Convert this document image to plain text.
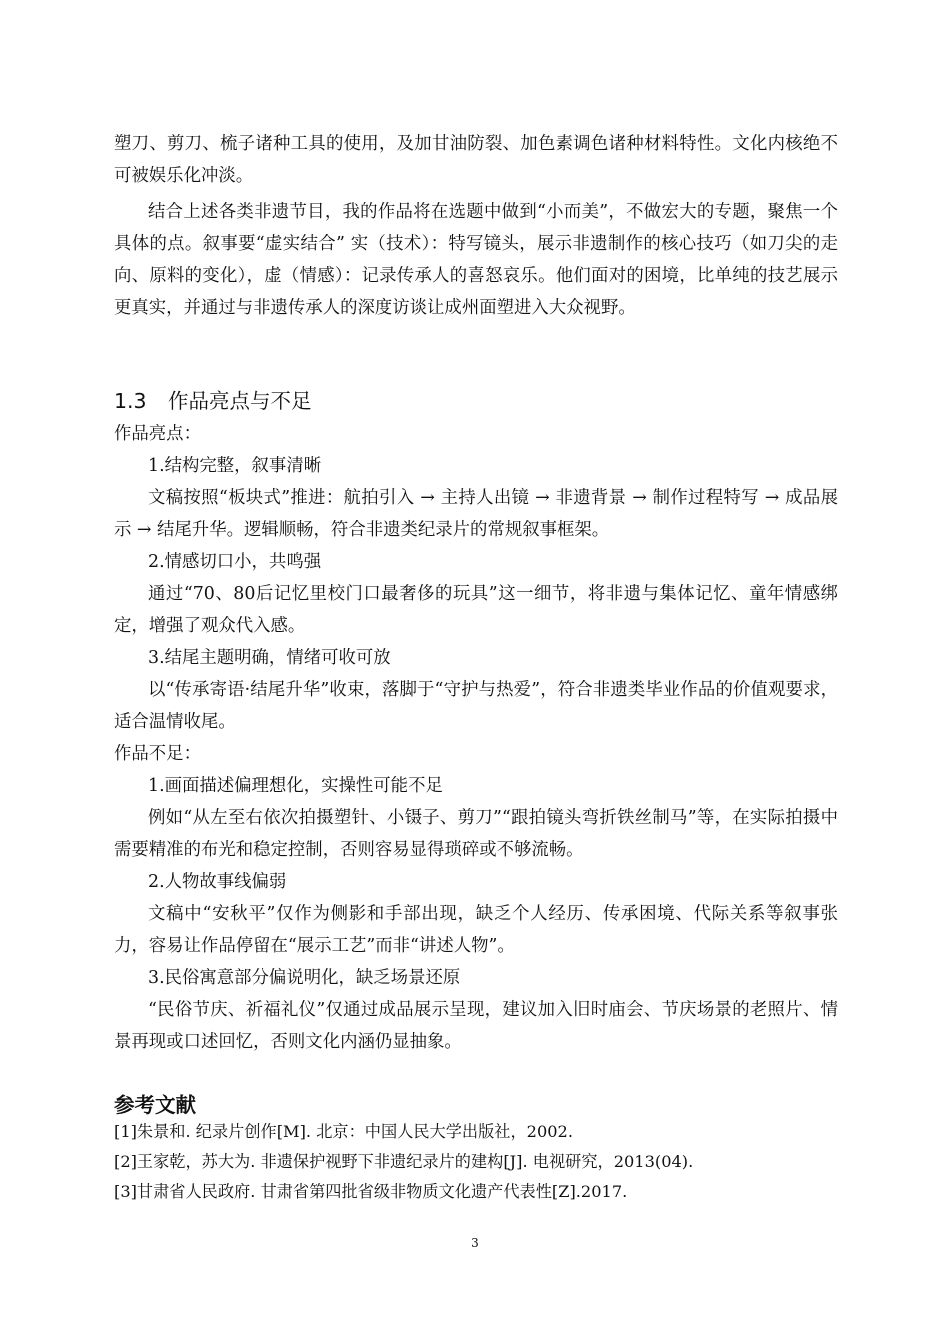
塑刀、剪刀、梳子诸种工具的使用，及加甘油防裂、加色素调色诸种材料特性。文化内核绝不可被娱乐化冲淡。

结合上述各类非遗节目，我的作品将在选题中做到“小而美”，不做宏大的专题，聚焦一个具体的点。叙事要“虚实结合” 实（技术）：特写镜头，展示非遗制作的核心技巧（如刀尖的走向、原料的变化），虚（情感）：记录传承人的喜怒哀乐。他们面对的困境，比单纯的技艺展示更真实，并通过与非遗传承人的深度访谈让成州面塑进入大众视野。

1.3 作品亮点与不足
作品亮点：
1.结构完整，叙事清晰

文稿按照“板块式”推进：航拍引入 → 主持人出镜 → 非遗背景 → 制作过程特写 → 成品展示 → 结尾升华。逻辑顺畅，符合非遗类纪录片的常规叙事框架。

2.情感切口小，共鸣强

通过“70、80后记忆里校门口最奢侈的玩具”这一细节，将非遗与集体记忆、童年情感绑定，增强了观众代入感。

3.结尾主题明确，情绪可收可放

以“传承寄语·结尾升华”收束，落脚于“守护与热爱”，符合非遗类毕业作品的价值观要求，适合温情收尾。

作品不足：
1.画面描述偏理想化，实操性可能不足

例如“从左至右依次拍摄塑针、小镊子、剪刀”“跟拍镜头弯折铁丝制马”等，在实际拍摄中需要精准的布光和稳定控制，否则容易显得琐碎或不够流畅。

2.人物故事线偏弱

文稿中“安秋平”仅作为侧影和手部出现，缺乏个人经历、传承困境、代际关系等叙事张力，容易让作品停留在“展示工艺”而非“讲述人物”。

3.民俗寓意部分偏说明化，缺乏场景还原

“民俗节庆、祈福礼仪”仅通过成品展示呈现，建议加入旧时庙会、节庆场景的老照片、情景再现或口述回忆，否则文化内涵仍显抽象。

参考文献
[1]朱景和. 纪录片创作[M]. 北京：中国人民大学出版社，2002.
[2]王家乾，苏大为. 非遗保护视野下非遗纪录片的建构[J]. 电视研究，2013(04).
[3]甘肃省人民政府. 甘肃省第四批省级非物质文化遗产代表性[Z].2017.
3
